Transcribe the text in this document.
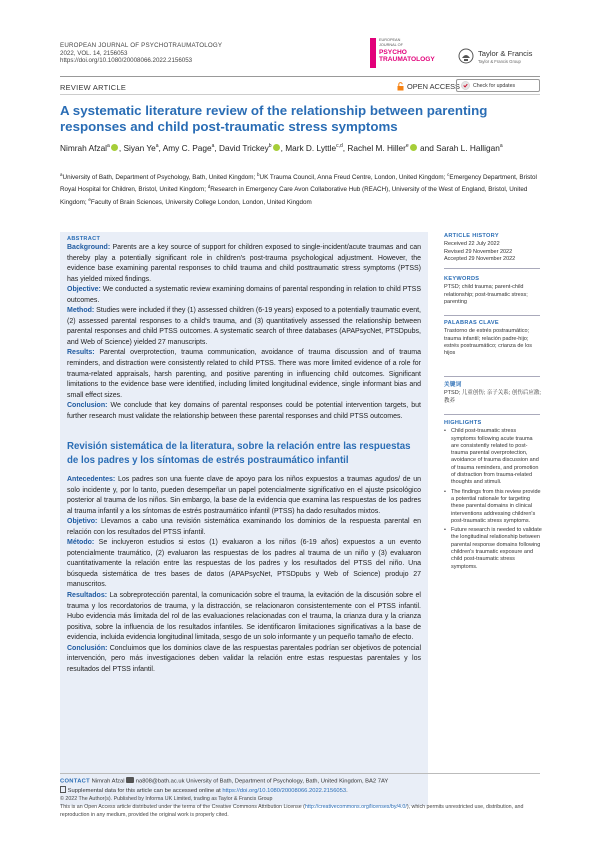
EUROPEAN JOURNAL OF PSYCHOTRAUMATOLOGY
2022, VOL. 14, 2156053
https://doi.org/10.1080/20008066.2022.2156053
EUROPEAN
JOURNAL OF
PSYCHO
TRAUMATOLOGY
Taylor & Francis
Taylor & Francis Group
REVIEW ARTICLE	OPEN ACCESS	Check for updates
A systematic literature review of the relationship between parenting responses and child post-traumatic stress symptoms
Nimrah Afzal$^a$ , Siyan Ye$^a$, Amy C. Page$^a$, David Trickey$^b$ , Mark D. Lyttle$^{c,d}$, Rachel M. Hiller$^e$ and Sarah L. Halligan$^a$
$^a$University of Bath, Department of Psychology, Bath, United Kingdom; $^b$UK Trauma Council, Anna Freud Centre, London, United Kingdom; $^c$Emergency Department, Bristol Royal Hospital for Children, Bristol, United Kingdom; $^d$Research in Emergency Care Avon Collaborative Hub (REACH), University of the West of England, Bristol, United Kingdom; $^e$Faculty of Brain Sciences, University College London, London, United Kingdom
ABSTRACT
Background: Parents are a key source of support for children exposed to single-incident/acute traumas and can thereby play a potentially significant role in children's post-trauma psychological adjustment. However, the evidence base examining parental responses to child trauma and child posttraumatic stress symptoms (PTSS) has yielded mixed findings.
Objective: We conducted a systematic review examining domains of parental responding in relation to child PTSS outcomes.
Method: Studies were included if they (1) assessed children (6-19 years) exposed to a potentially traumatic event, (2) assessed parental responses to a child's trauma, and (3) quantitatively assessed the relationship between parental responses and child PTSS outcomes. A systematic search of three databases (APAPsycNet, PTSDpubs, and Web of Science) yielded 27 manuscripts.
Results: Parental overprotection, trauma communication, avoidance of trauma discussion and of trauma reminders, and distraction were consistently related to child PTSS. There was more limited evidence of a role for trauma-related appraisals, harsh parenting, and positive parenting in influencing child outcomes. Significant limitations to the evidence base were identified, including limited longitudinal evidence, single informant bias and small effect sizes.
Conclusion: We conclude that key domains of parental responses could be potential intervention targets, but further research must validate the relationship between these parental responses and child PTSS outcomes.
Revisión sistemática de la literatura, sobre la relación entre las respuestas de los padres y los síntomas de estrés postraumático infantil
Antecedentes: Los padres son una fuente clave de apoyo para los niños expuestos a traumas agudos/ de un solo incidente y, por lo tanto, pueden desempeñar un papel potencialmente significativo en el ajuste psicológico posterior al trauma de los niños. Sin embargo, la base de la evidencia que examina las respuestas de los padres al trauma infantil y a los síntomas de estrés postraumático infantil (PTSS) ha dado resultados mixtos.
Objetivo: Llevamos a cabo una revisión sistemática examinando los dominios de la respuesta parental en relación con los resultados del PTSS infantil.
Método: Se incluyeron estudios si estos (1) evaluaron a los niños (6-19 años) expuestos a un evento potencialmente traumático, (2) evaluaron las respuestas de los padres al trauma de un niño y (3) evaluaron cuantitativamente la relación entre las respuestas de los padres y los resultados del PTSS del niño. Una búsqueda sistemática de tres bases de datos (APAPsycNet, PTSDpubs y Web of Science) produjo 27 manuscritos.
Resultados: La sobreprotección parental, la comunicación sobre el trauma, la evitación de la discusión sobre el trauma y los recordatorios de trauma, y la distracción, se relacionaron consistentemente con el PTSS infantil. Hubo evidencia más limitada del rol de las evaluaciones relacionadas con el trauma, la crianza dura y la crianza positiva, sobre la influencia de los resultados infantiles. Se identificaron limitaciones significativas a la base de evidencia, incluida evidencia longitudinal limitada, sesgo de un solo informante y un pequeño tamaño de efecto.
Conclusión: Concluimos que los dominios clave de las respuestas parentales podrían ser objetivos de potencial intervención, pero más investigaciones deben validar la relación entre estas respuestas parentales y los resultados del PTSS infantil.
ARTICLE HISTORY
Received 22 July 2022
Revised 29 November 2022
Accepted 29 November 2022
KEYWORDS
PTSD; child trauma; parent-child relationship; post-traumatic stress; parenting
PALABRAS CLAVE
Trastorno de estrés postraumático; trauma infantil; relación padre-hijo; estrés postraumático; crianza de los hijos
关键词
PTSD; 儿童创伤; 亲子关系; 创伤后应激; 教养
HIGHLIGHTS
• Child post-traumatic stress symptoms following acute trauma are consistently related to post-trauma parental overprotection, avoidance of trauma discussion and of trauma reminders, and promotion of distraction from trauma-related thoughts and stimuli.
• The findings from this review provide a potential rationale for targeting these parental domains in clinical interventions addressing children's post-traumatic stress symptoms.
• Future research is needed to validate the longitudinal relationship between parental response domains following children's traumatic exposure and child post-traumatic stress symptoms.
CONTACT Nimrah Afzal na808@bath.ac.uk University of Bath, Department of Psychology, Bath, United Kingdom, BA2 7AY
Supplemental data for this article can be accessed online at https://doi.org/10.1080/20008066.2022.2156053.
© 2022 The Author(s). Published by Informa UK Limited, trading as Taylor & Francis Group
This is an Open Access article distributed under the terms of the Creative Commons Attribution License (http://creativecommons.org/licenses/by/4.0/), which permits unrestricted use, distribution, and reproduction in any medium, provided the original work is properly cited.
